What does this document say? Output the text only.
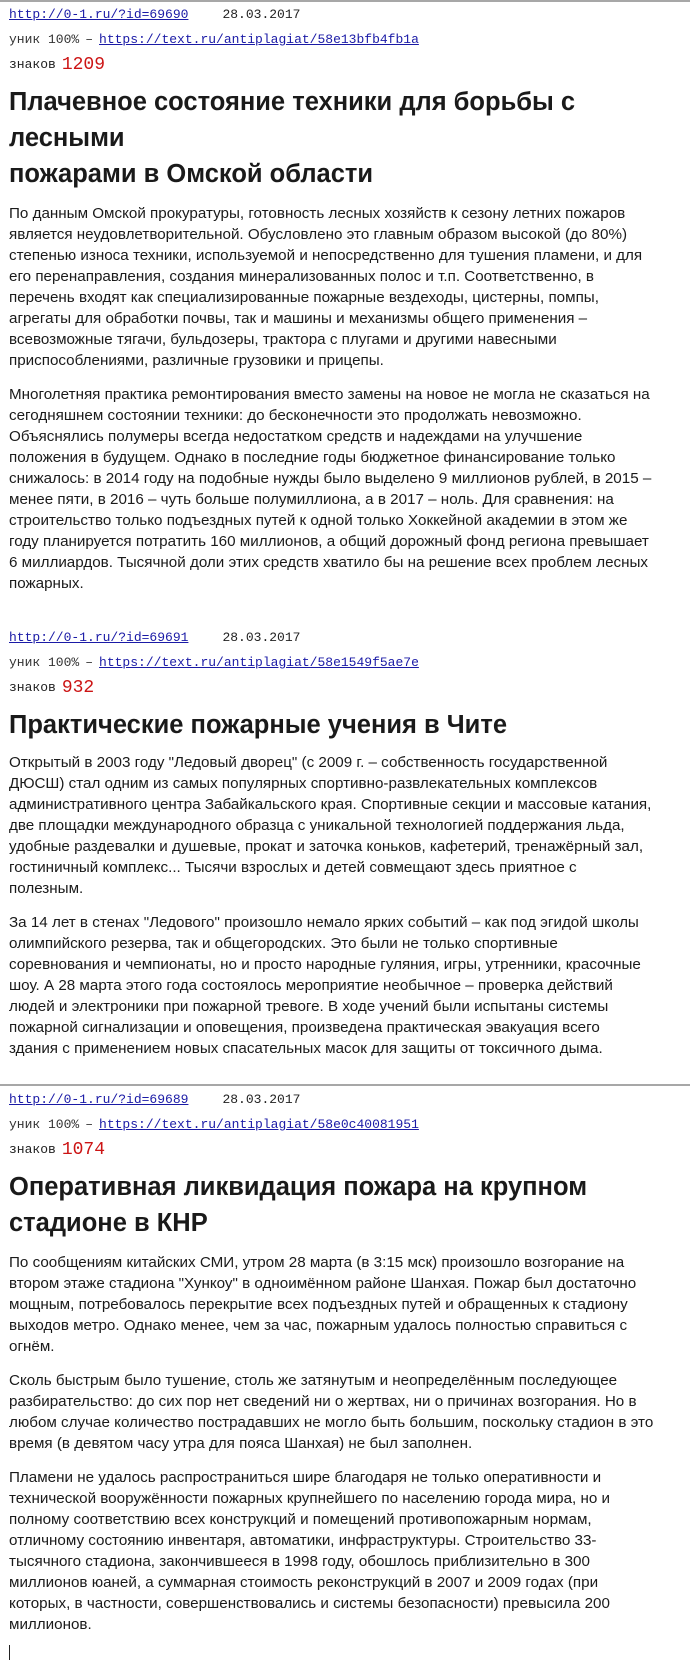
http://0-1.ru/?id=69690	28.03.2017
уник 100% – https://text.ru/antiplagiat/58e13bfb4fb1a
знаков 1209
Плачевное состояние техники для борьбы с лесными
пожарами в Омской области

По данным Омской прокуратуры, готовность лесных хозяйств к сезону летних пожаров
является неудовлетворительной. Обусловлено это главным образом высокой (до 80%)
степенью износа техники, используемой и непосредственно для тушения пламени, и для
его перенаправления, создания минерализованных полос и т.п. Соответственно, в
перечень входят как специализированные пожарные вездеходы, цистерны, помпы,
агрегаты для обработки почвы, так и машины и механизмы общего применения –
всевозможные тягачи, бульдозеры, трактора с плугами и другими навесными
приспособлениями, различные грузовики и прицепы.

Многолетняя практика ремонтирования вместо замены на новое не могла не сказаться на
сегодняшнем состоянии техники: до бесконечности это продолжать невозможно.
Объяснялись полумеры всегда недостатком средств и надеждами на улучшение
положения в будущем. Однако в последние годы бюджетное финансирование только
снижалось: в 2014 году на подобные нужды было выделено 9 миллионов рублей, в 2015 –
менее пяти, в 2016 – чуть больше полумиллиона, а в 2017 – ноль. Для сравнения: на
строительство только подъездных путей к одной только Хоккейной академии в этом же
году планируется потратить 160 миллионов, а общий дорожный фонд региона превышает
6 миллиардов. Тысячной доли этих средств хватило бы на решение всех проблем лесных
пожарных.

http://0-1.ru/?id=69691	28.03.2017
уник 100% – https://text.ru/antiplagiat/58e1549f5ae7e
знаков 932
Практические пожарные учения в Чите

Открытый в 2003 году "Ледовый дворец" (с 2009 г. – собственность государственной
ДЮСШ) стал одним из самых популярных спортивно-развлекательных комплексов
административного центра Забайкальского края. Спортивные секции и массовые катания,
две площадки международного образца с уникальной технологией поддержания льда,
удобные раздевалки и душевые, прокат и заточка коньков, кафетерий, тренажёрный зал,
гостиничный комплекс... Тысячи взрослых и детей совмещают здесь приятное с
полезным.

За 14 лет в стенах "Ледового" произошло немало ярких событий – как под эгидой школы
олимпийского резерва, так и общегородских. Это были не только спортивные
соревнования и чемпионаты, но и просто народные гуляния, игры, утренники, красочные
шоу. А 28 марта этого года состоялось мероприятие необычное – проверка действий
людей и электроники при пожарной тревоге. В ходе учений были испытаны системы
пожарной сигнализации и оповещения, произведена практическая эвакуация всего
здания с применением новых спасательных масок для защиты от токсичного дыма.

http://0-1.ru/?id=69689	28.03.2017
уник 100% – https://text.ru/antiplagiat/58e0c40081951
знаков 1074
Оперативная ликвидация пожара на крупном
стадионе в КНР

По сообщениям китайских СМИ, утром 28 марта (в 3:15 мск) произошло возгорание на
втором этаже стадиона "Хункоу" в одноимённом районе Шанхая. Пожар был достаточно
мощным, потребовалось перекрытие всех подъездных путей и обращенных к стадиону
выходов метро. Однако менее, чем за час, пожарным удалось полностью справиться с
огнём.

Сколь быстрым было тушение, столь же затянутым и неопределённым последующее
разбирательство: до сих пор нет сведений ни о жертвах, ни о причинах возгорания. Но в
любом случае количество пострадавших не могло быть большим, поскольку стадион в это
время (в девятом часу утра для пояса Шанхая) не был заполнен.

Пламени не удалось распространиться шире благодаря не только оперативности и
технической вооружённости пожарных крупнейшего по населению города мира, но и
полному соответствию всех конструкций и помещений противопожарным нормам,
отличному состоянию инвентаря, автоматики, инфраструктуры. Строительство 33-
тысячного стадиона, закончившееся в 1998 году, обошлось приблизительно в 300
миллионов юаней, а суммарная стоимость реконструкций в 2007 и 2009 годах (при
которых, в частности, совершенствовались и системы безопасности) превысила 200
миллионов.
